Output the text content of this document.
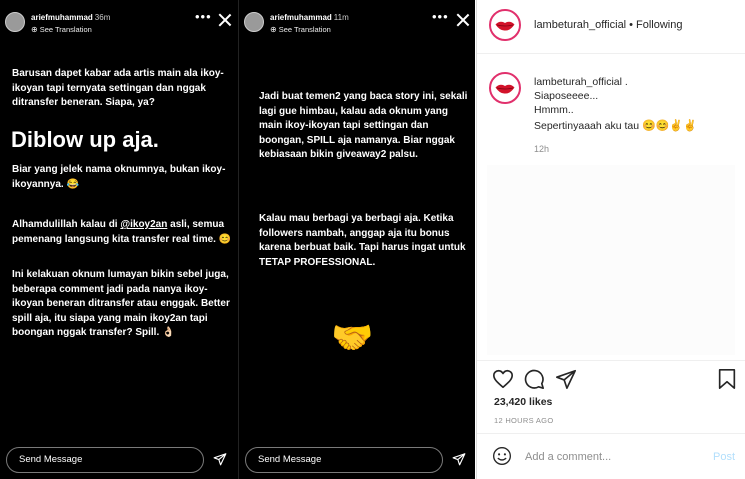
ariefmuhammad 36m
⊕ See Translation
•••
Barusan dapet kabar ada artis main ala ikoy-ikoyan tapi ternyata settingan dan nggak ditransfer beneran. Siapa, ya?
Diblow up aja.
Biar yang jelek nama oknumnya, bukan ikoy-ikoyannya. 😂
Alhamdulillah kalau di @ikoy2an asli, semua pemenang langsung kita transfer real time. 😊
Ini kelakuan oknum lumayan bikin sebel juga, beberapa comment jadi pada nanya ikoy-ikoyan beneran ditransfer atau enggak. Better spill aja, itu siapa yang main ikoy2an tapi boongan nggak transfer? Spill. 👌🏻
Send Message
ariefmuhammad 11m
⊕ See Translation
•••
Jadi buat temen2 yang baca story ini, sekali lagi gue himbau, kalau ada oknum yang main ikoy-ikoyan tapi settingan dan boongan, SPILL aja namanya. Biar nggak kebiasaan bikin giveaway2 palsu.
Kalau mau berbagi ya berbagi aja. Ketika followers nambah, anggap aja itu bonus karena berbuat baik. Tapi harus ingat untuk TETAP PROFESSIONAL.
🤝
Send Message
lambeturah_official • Following
lambeturah_official .
Siaposeeee...
Hmmm..
Sepertinyaaah aku tau 😊😊✌✌
12h
23,420 likes
12 HOURS AGO
Add a comment...	Post
